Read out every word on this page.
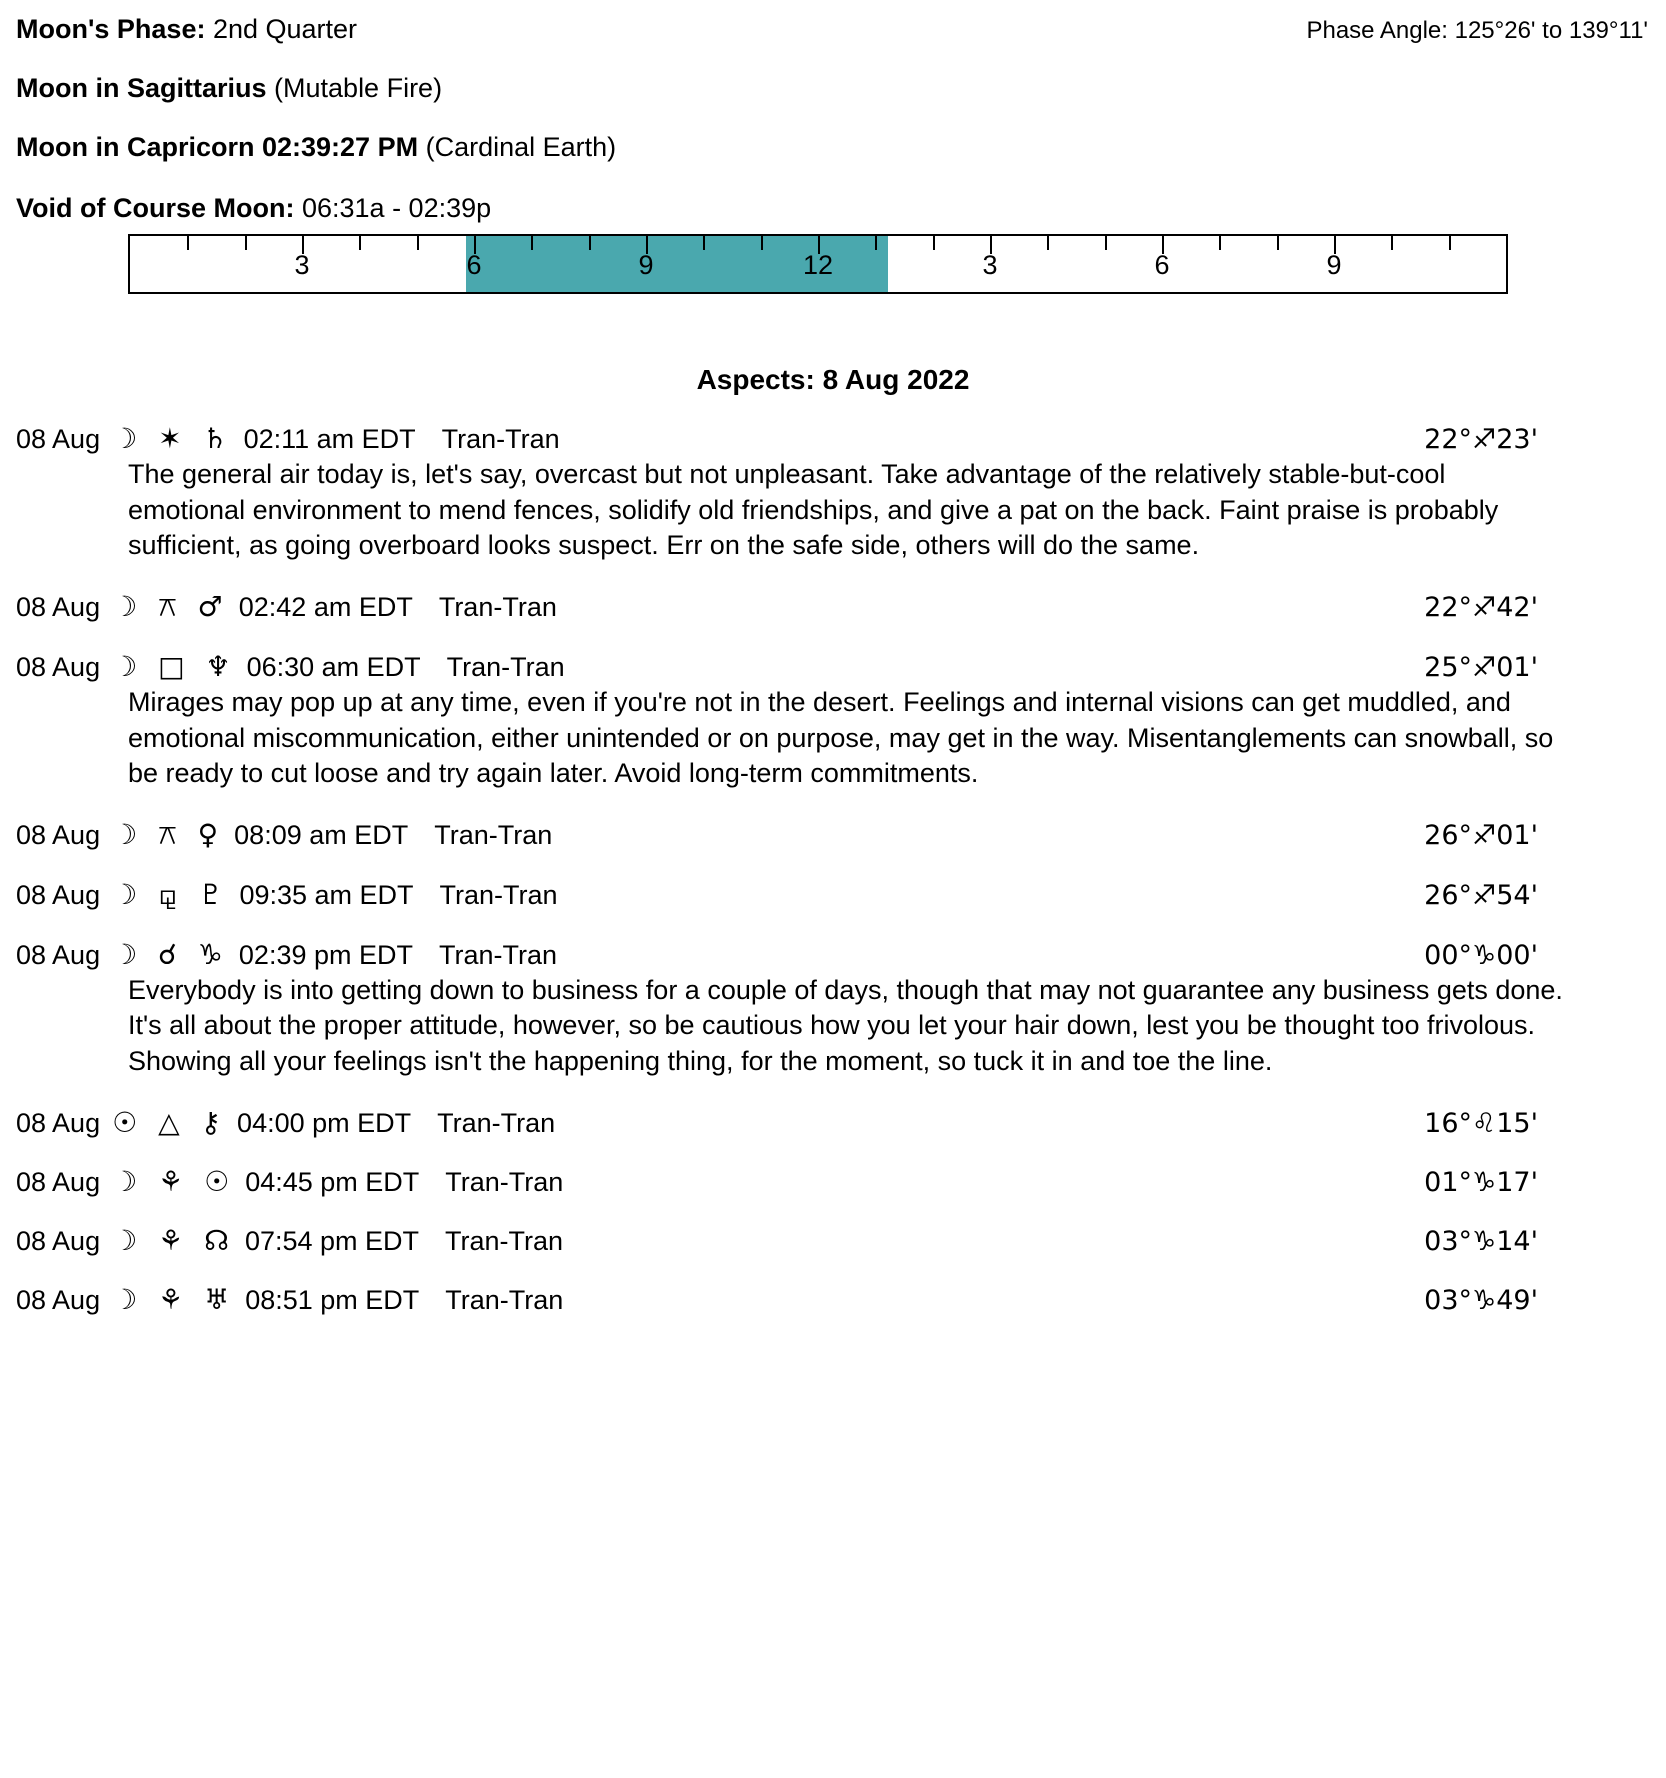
Moon's Phase: 2nd Quarter	Phase Angle: 125°26' to 139°11'
Moon in Sagittarius (Mutable Fire)
Moon in Capricorn 02:39:27 PM (Cardinal Earth)
Void of Course Moon: 06:31a - 02:39p
3	6	9	12	3	6	9
Aspects: 8 Aug 2022
08 Aug ☽ ✶ ♄ 02:11 am EDT Tran-Tran	22°♐23'
The general air today is, let's say, overcast but not unpleasant. Take advantage of the relatively stable-but-cool emotional environment to mend fences, solidify old friendships, and give a pat on the back. Faint praise is probably sufficient, as going overboard looks suspect. Err on the safe side, others will do the same.
08 Aug ☽ ⚻ ♂ 02:42 am EDT Tran-Tran	22°♐42'
08 Aug ☽ □ ♆ 06:30 am EDT Tran-Tran	25°♐01'
Mirages may pop up at any time, even if you're not in the desert. Feelings and internal visions can get muddled, and emotional miscommunication, either unintended or on purpose, may get in the way. Misentanglements can snowball, so be ready to cut loose and try again later. Avoid long-term commitments.
08 Aug ☽ ⚻ ♀ 08:09 am EDT Tran-Tran	26°♐01'
08 Aug ☽ ⚼ ♇ 09:35 am EDT Tran-Tran	26°♐54'
08 Aug ☽ ☌ ♑ 02:39 pm EDT Tran-Tran	00°♑00'
Everybody is into getting down to business for a couple of days, though that may not guarantee any business gets done. It's all about the proper attitude, however, so be cautious how you let your hair down, lest you be thought too frivolous. Showing all your feelings isn't the happening thing, for the moment, so tuck it in and toe the line.
08 Aug ☉ △ ⚷ 04:00 pm EDT Tran-Tran	16°♌15'
08 Aug ☽ ⚘ ☉ 04:45 pm EDT Tran-Tran	01°♑17'
08 Aug ☽ ⚘ ☊ 07:54 pm EDT Tran-Tran	03°♑14'
08 Aug ☽ ⚘ ♅ 08:51 pm EDT Tran-Tran	03°♑49'
